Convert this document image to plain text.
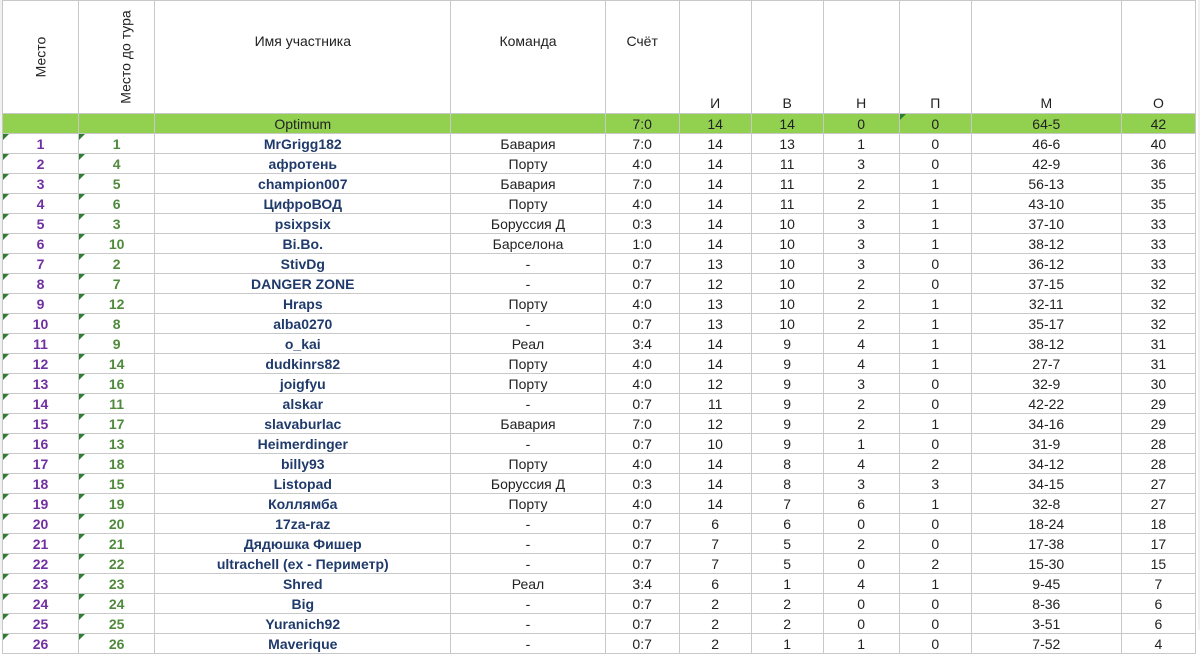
Место	Место до тура	Имя участника	Команда	Счёт	И	В	Н	П	М	О
		Optimum		7:0	14	14	0	0	64-5	42
1	1	MrGrigg182	Бавария	7:0	14	13	1	0	46-6	40
2	4	афротень	Порту	4:0	14	11	3	0	42-9	36
3	5	champion007	Бавария	7:0	14	11	2	1	56-13	35
4	6	ЦифроВОД	Порту	4:0	14	11	2	1	43-10	35
5	3	psixpsix	Боруссия Д	0:3	14	10	3	1	37-10	33
6	10	Bi.Bo.	Барселона	1:0	14	10	3	1	38-12	33
7	2	StivDg	-	0:7	13	10	3	0	36-12	33
8	7	DANGER ZONE	-	0:7	12	10	2	0	37-15	32
9	12	Hraps	Порту	4:0	13	10	2	1	32-11	32
10	8	alba0270	-	0:7	13	10	2	1	35-17	32
11	9	o_kai	Реал	3:4	14	9	4	1	38-12	31
12	14	dudkinrs82	Порту	4:0	14	9	4	1	27-7	31
13	16	joigfyu	Порту	4:0	12	9	3	0	32-9	30
14	11	alskar	-	0:7	11	9	2	0	42-22	29
15	17	slavaburlac	Бавария	7:0	12	9	2	1	34-16	29
16	13	Heimerdinger	-	0:7	10	9	1	0	31-9	28
17	18	billy93	Порту	4:0	14	8	4	2	34-12	28
18	15	Listopad	Боруссия Д	0:3	14	8	3	3	34-15	27
19	19	Коллямба	Порту	4:0	14	7	6	1	32-8	27
20	20	17za-raz	-	0:7	6	6	0	0	18-24	18
21	21	Дядюшка Фишер	-	0:7	7	5	2	0	17-38	17
22	22	ultrachell (ex - Периметр)	-	0:7	7	5	0	2	15-30	15
23	23	Shred	Реал	3:4	6	1	4	1	9-45	7
24	24	Big	-	0:7	2	2	0	0	8-36	6
25	25	Yuranich92	-	0:7	2	2	0	0	3-51	6
26	26	Maverique	-	0:7	2	1	1	0	7-52	4
